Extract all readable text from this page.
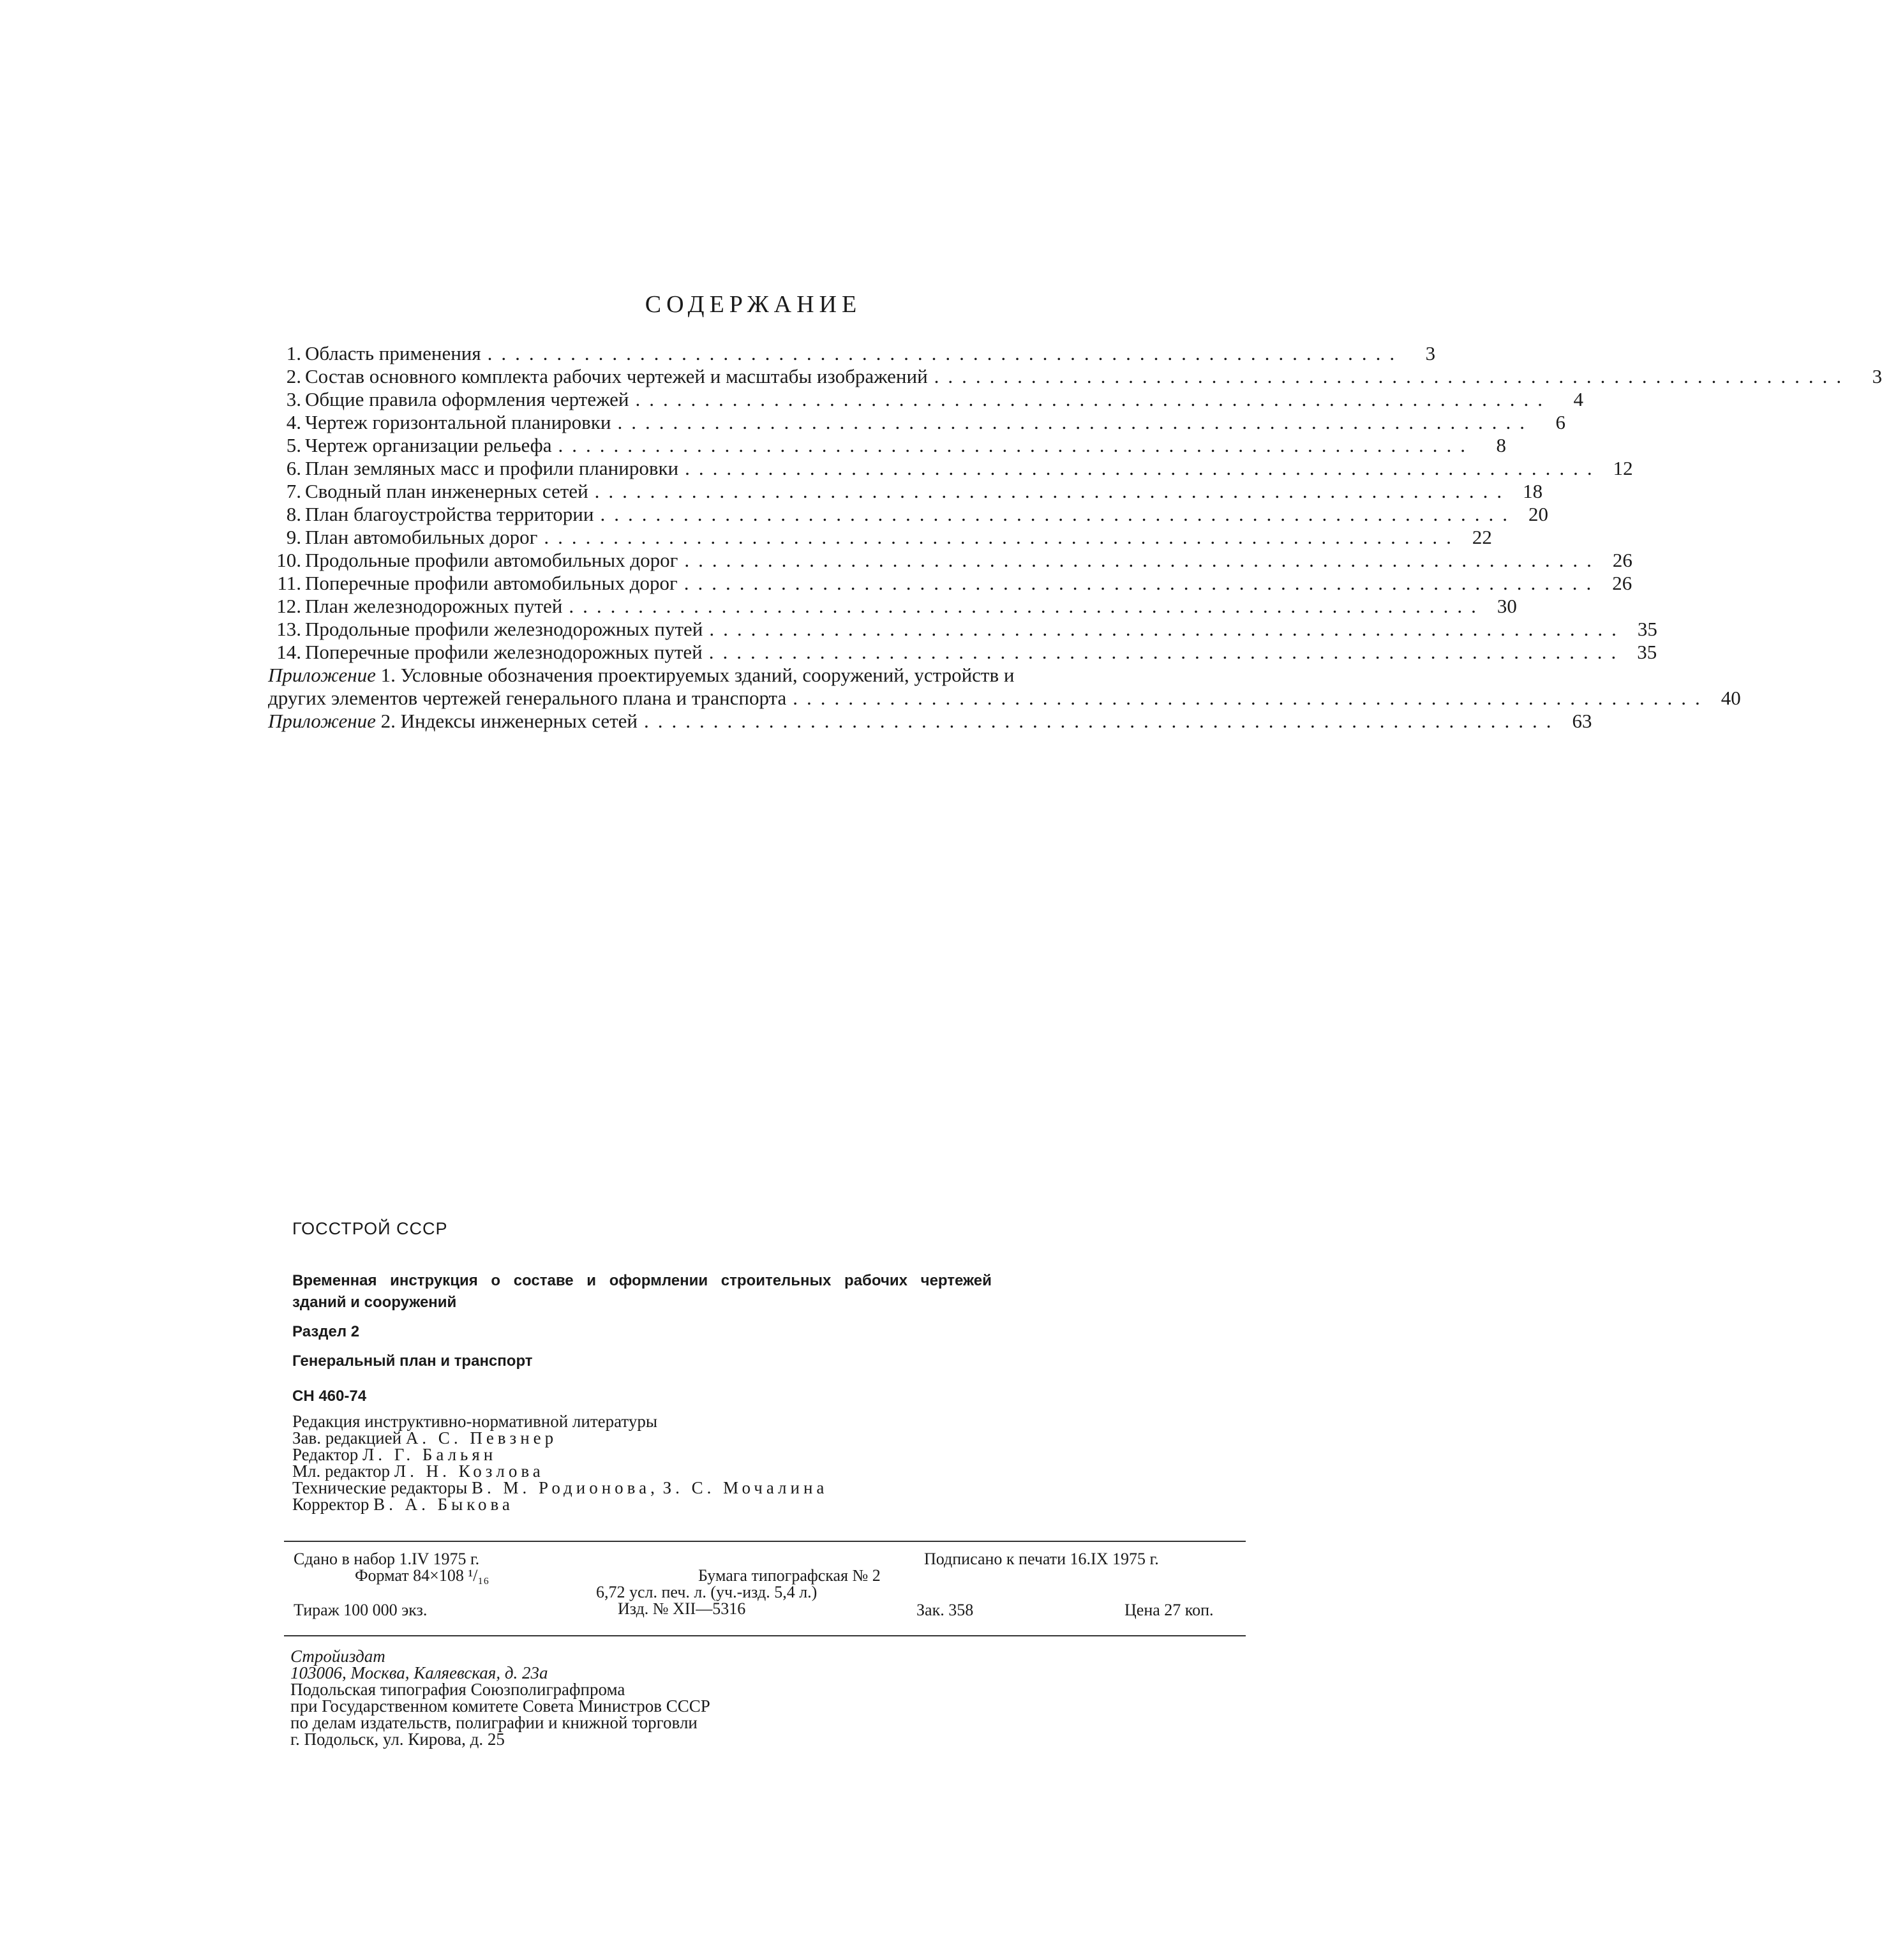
СОДЕРЖАНИЕ
1. Область применения ..................................................................	3
2. Состав основного комплекта рабочих чертежей и масштабы изображений ..................................................................	3
3. Общие правила оформления чертежей ..................................................................	4
4. Чертеж горизонтальной планировки ..................................................................	6
5. Чертеж организации рельефа ..................................................................	8
6. План земляных масс и профили планировки .................................................................. 12
7. Сводный план инженерных сетей .................................................................. 18
8. План благоустройства территории .................................................................. 20
9. План автомобильных дорог .................................................................. 22
10. Продольные профили автомобильных дорог .................................................................. 26
11. Поперечные профили автомобильных дорог .................................................................. 26
12. План железнодорожных путей .................................................................. 30
13. Продольные профили железнодорожных путей .................................................................. 35
14. Поперечные профили железнодорожных путей .................................................................. 35
Приложение 1. Условные обозначения проектируемых зданий, сооружений, устройств и
других элементов чертежей генерального плана и транспорта .................................................................. 40
Приложение 2. Индексы инженерных сетей .................................................................. 63
ГОССТРОЙ СССР
Временная инструкция о составе и оформлении строительных рабочих чертежей
зданий и сооружений
Раздел 2
Генеральный план и транспорт
СН 460-74
Редакция инструктивно-нормативной литературы
Зав. редакцией А. С. Певзнер
Редактор Л. Г. Бальян
Мл. редактор Л. Н. Козлова
Технические редакторы В. М. Родионова, З. С. Мочалина
Корректор В. А. Быкова
Сдано в набор 1.IV 1975 г.	Подписано к печати 16.IX 1975 г.
Формат 84×108 ¹/₁₆	Бумага типографская № 2
6,72 усл. печ. л. (уч.-изд. 5,4 л.)
Тираж 100 000 экз.	Изд. № XII—5316	Зак. 358	Цена 27 коп.
Стройиздат
103006, Москва, Каляевская, д. 23а
Подольская типография Союзполиграфпрома
при Государственном комитете Совета Министров СССР
по делам издательств, полиграфии и книжной торговли
г. Подольск, ул. Кирова, д. 25
